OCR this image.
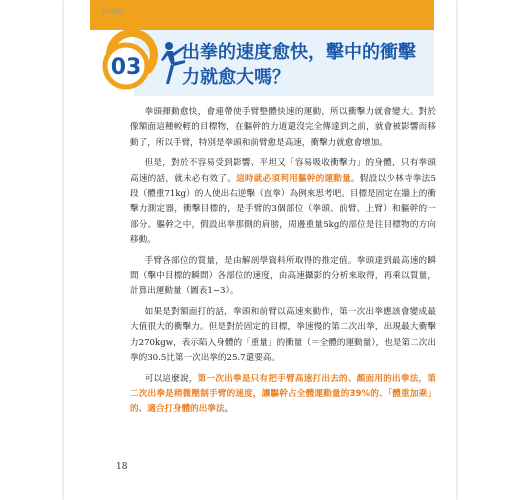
Section
03
出拳的速度愈快，擊中的衝擊力就愈大嗎？

拳頭揮動愈快，會連帶使手臂整體快速的運動，所以衝擊力就會變大。對於像額面這種較輕的目標物，在軀幹的力道還沒完全傳達到之前，就會被影響而移動了，所以手臂，特別是拳頭和前臂愈是高速，衝擊力就愈會增加。

但是，對於不容易受到影響、平坦又「容易吸收衝擊力」的身體，只有拳頭高速的話，就未必有效了。這時就必須利用軀幹的運動量。假設以少林寺拳法5段（體重71kg）的人使出右逆擊（直拳）為例來思考吧。目標是固定在牆上的衝擊力測定器，衝擊目標的，是手臂的3個部位（拳頭、前臂、上臂）和軀幹的一部分。軀幹之中，假設出拳那側的肩膀，周邊重量5kg的部位是往目標物的方向移動。

手臂各部位的質量，是由解剖學資料所取得的推定值。拳頭達到最高速的瞬間（擊中目標的瞬間）各部位的速度，由高速攝影的分析來取得，再乘以質量，計算出運動量（圖表1~3）。

如果是對額面打的話，拳頭和前臂以高速來動作，第一次出拳應該會變成最大值很大的衝擊力。但是對於固定的目標，拳速慢的第二次出拳，出現最大衝擊力270kgw，表示陷入身體的「重量」的衝量（＝全體的運動量），也是第二次出拳的30.5比第一次出拳的25.7還要高。

可以這麼說，第一次出拳是只有把手臂高速打出去的、顏面用的出拳法，第二次出拳是稍微壓制手臂的速度，讓驅幹占全體運動量的39%的、「體重加乘」的、適合打身體的出拳法。

18
